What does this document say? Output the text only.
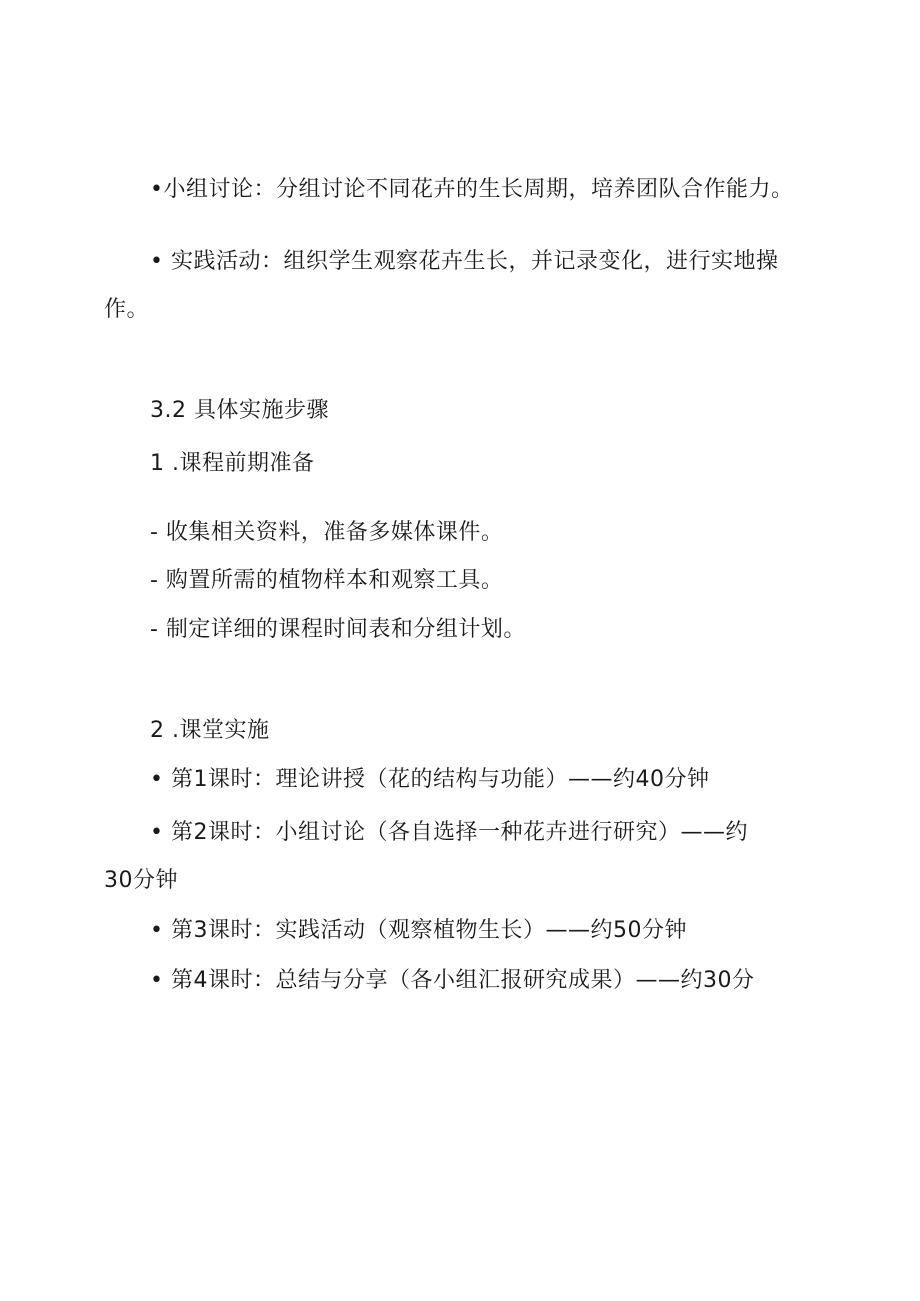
•小组讨论：分组讨论不同花卉的生长周期，培养团队合作能力。
• 实践活动：组织学生观察花卉生长，并记录变化，进行实地操
作。
3.2 具体实施步骤
1 .课程前期准备
- 收集相关资料，准备多媒体课件。
- 购置所需的植物样本和观察工具。
- 制定详细的课程时间表和分组计划。
2 .课堂实施
• 第1课时：理论讲授（花的结构与功能）——约40分钟
• 第2课时：小组讨论（各自选择一种花卉进行研究）——约
30分钟
• 第3课时：实践活动（观察植物生长）——约50分钟
• 第4课时：总结与分享（各小组汇报研究成果）——约30分
